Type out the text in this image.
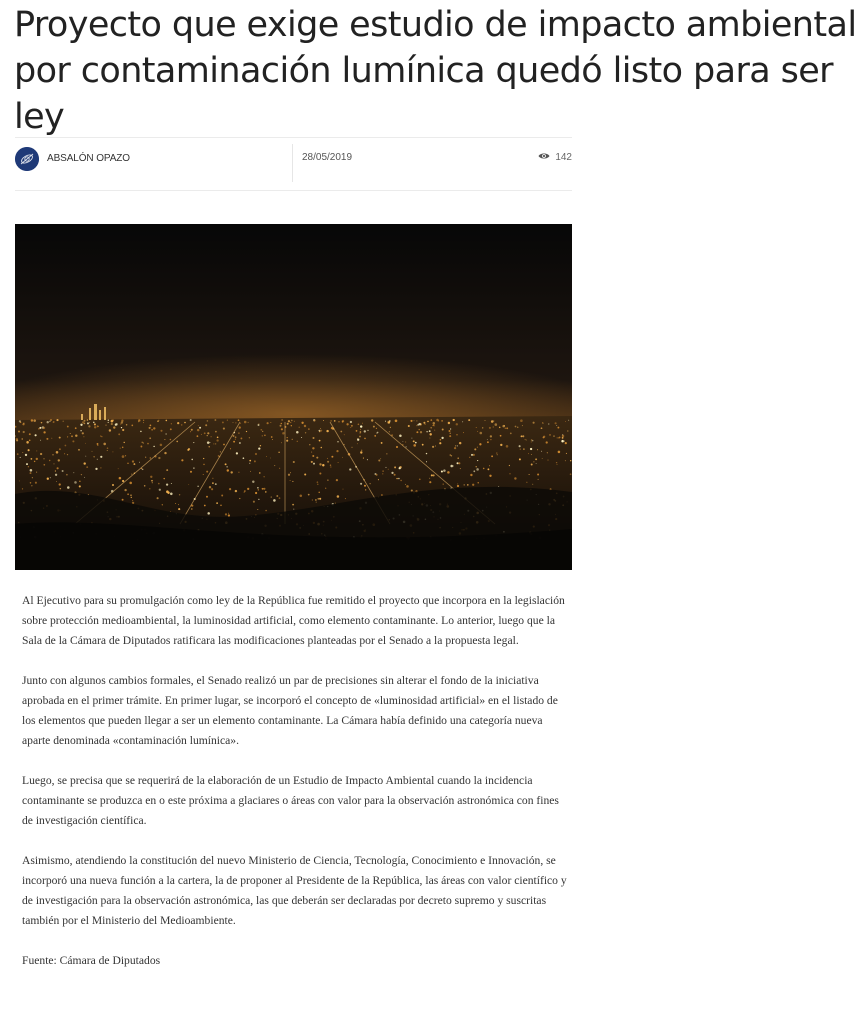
Proyecto que exige estudio de impacto ambiental por contaminación lumínica quedó listo para ser ley
ABSALÓN OPAZO	28/05/2019	142

Al Ejecutivo para su promulgación como ley de la República fue remitido el proyecto que incorpora en la legislación sobre protección medioambiental, la luminosidad artificial, como elemento contaminante. Lo anterior, luego que la Sala de la Cámara de Diputados ratificara las modificaciones planteadas por el Senado a la propuesta legal.

Junto con algunos cambios formales, el Senado realizó un par de precisiones sin alterar el fondo de la iniciativa aprobada en el primer trámite. En primer lugar, se incorporó el concepto de «luminosidad artificial» en el listado de los elementos que pueden llegar a ser un elemento contaminante. La Cámara había definido una categoría nueva aparte denominada «contaminación lumínica».

Luego, se precisa que se requerirá de la elaboración de un Estudio de Impacto Ambiental cuando la incidencia contaminante se produzca en o este próxima a glaciares o áreas con valor para la observación astronómica con fines de investigación científica.

Asimismo, atendiendo la constitución del nuevo Ministerio de Ciencia, Tecnología, Conocimiento e Innovación, se incorporó una nueva función a la cartera, la de proponer al Presidente de la República, las áreas con valor científico y de investigación para la observación astronómica, las que deberán ser declaradas por decreto supremo y suscritas también por el Ministerio del Medioambiente.

Fuente: Cámara de Diputados
